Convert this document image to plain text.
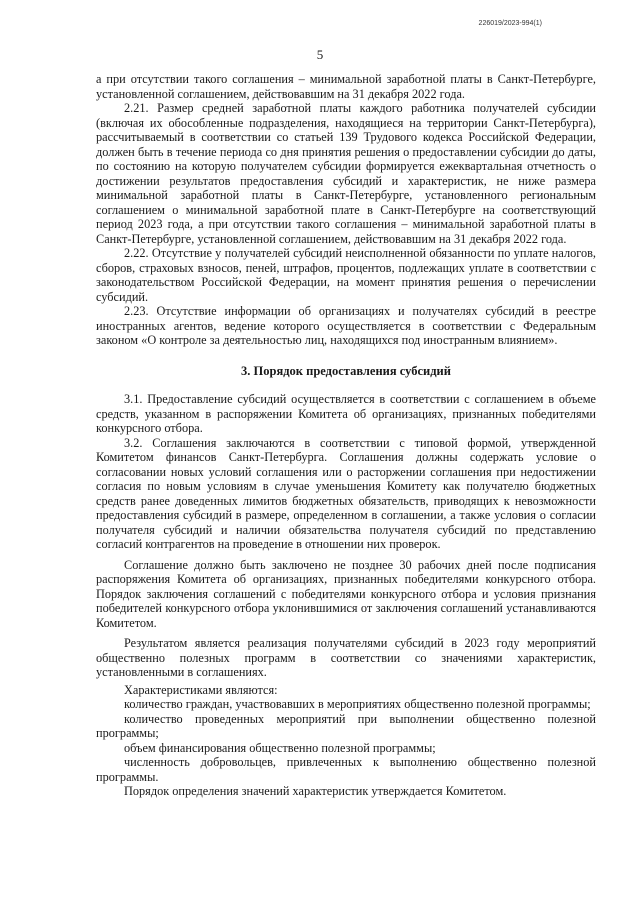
226019/2023-994(1)
5

а при отсутствии такого соглашения – минимальной заработной платы в Санкт-Петербурге, установленной соглашением, действовавшим на 31 декабря 2022 года.

2.21. Размер средней заработной платы каждого работника получателей субсидии (включая их обособленные подразделения, находящиеся на территории Санкт-Петербурга), рассчитываемый в соответствии со статьей 139 Трудового кодекса Российской Федерации, должен быть в течение периода со дня принятия решения о предоставлении субсидии до даты, по состоянию на которую получателем субсидии формируется ежеквартальная отчетность о достижении результатов предоставления субсидий и характеристик, не ниже размера минимальной заработной платы в Санкт-Петербурге, установленного региональным соглашением о минимальной заработной плате в Санкт-Петербурге на соответствующий период 2023 года, а при отсутствии такого соглашения – минимальной заработной платы в Санкт-Петербурге, установленной соглашением, действовавшим на 31 декабря 2022 года.

2.22. Отсутствие у получателей субсидий неисполненной обязанности по уплате налогов, сборов, страховых взносов, пеней, штрафов, процентов, подлежащих уплате в соответствии с законодательством Российской Федерации, на момент принятия решения о перечислении субсидий.

2.23. Отсутствие информации об организациях и получателях субсидий в реестре иностранных агентов, ведение которого осуществляется в соответствии с Федеральным законом «О контроле за деятельностью лиц, находящихся под иностранным влиянием».

3. Порядок предоставления субсидий

3.1. Предоставление субсидий осуществляется в соответствии с соглашением в объеме средств, указанном в распоряжении Комитета об организациях, признанных победителями конкурсного отбора.

3.2. Соглашения заключаются в соответствии с типовой формой, утвержденной Комитетом финансов Санкт-Петербурга. Соглашения должны содержать условие о согласовании новых условий соглашения или о расторжении соглашения при недостижении согласия по новым условиям в случае уменьшения Комитету как получателю бюджетных средств ранее доведенных лимитов бюджетных обязательств, приводящих к невозможности предоставления субсидий в размере, определенном в соглашении, а также условия о согласии получателя субсидий и наличии обязательства получателя субсидий по представлению согласий контрагентов на проведение в отношении них проверок.

Соглашение должно быть заключено не позднее 30 рабочих дней после подписания распоряжения Комитета об организациях, признанных победителями конкурсного отбора. Порядок заключения соглашений с победителями конкурсного отбора и условия признания победителей конкурсного отбора уклонившимися от заключения соглашений устанавливаются Комитетом.

Результатом является реализация получателями субсидий в 2023 году мероприятий общественно полезных программ в соответствии со значениями характеристик, установленными в соглашениях.

Характеристиками являются:

количество граждан, участвовавших в мероприятиях общественно полезной программы;

количество проведенных мероприятий при выполнении общественно полезной программы;

объем финансирования общественно полезной программы;

численность добровольцев, привлеченных к выполнению общественно полезной программы.

Порядок определения значений характеристик утверждается Комитетом.
